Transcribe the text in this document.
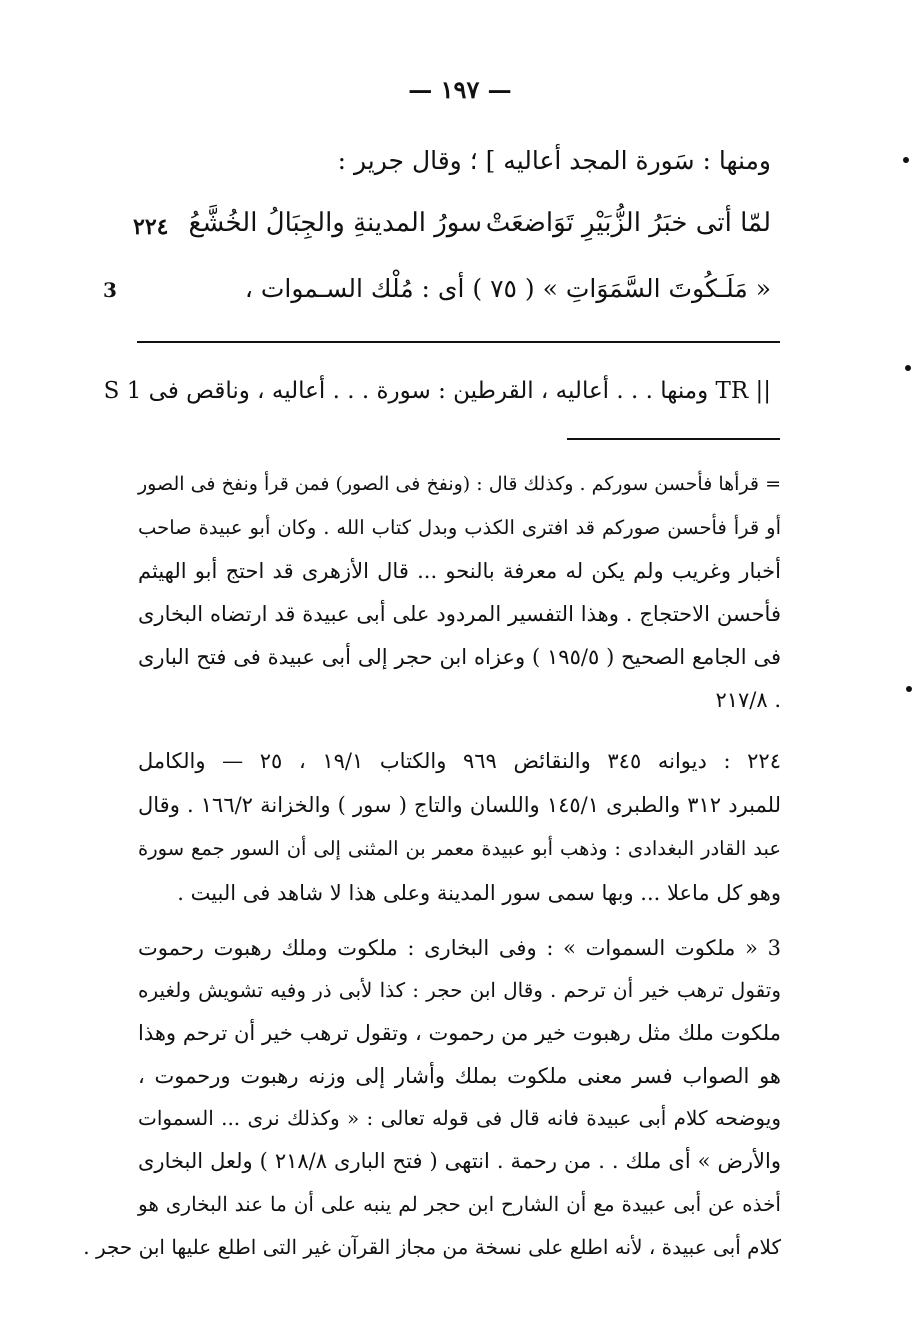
— ١٩٧ —
ومنها : سَورة المجد أعاليه ] ؛ وقال جرير :
لمّا أتى خبَرُ الزُّبَيْرِ تَوَاضعَتْ
سورُ المدينةِ والجِبَالُ الخُشَّعُ
٢٢٤
« مَلَـكُوتَ السَّمَوَاتِ » ( ٧٥ ) أى : مُلْك السـموات ،
3
S 1 ومنها . . . أعاليه ، القرطين : سورة . . . أعاليه ، وناقص فى TR ||
= قرأها فأحسن سوركم . وكذلك قال : (ونفخ فى الصور) فمن قرأ ونفخ فى الصور
أو قرأ فأحسن صوركم قد افترى الكذب وبدل كتاب الله . وكان أبو عبيدة صاحب
أخبار وغريب ولم يكن له معرفة بالنحو ... قال الأزهرى قد احتج أبو الهيثم
فأحسن الاحتجاج . وهذا التفسير المردود على أبى عبيدة قد ارتضاه البخارى
فى الجامع الصحيح ( ١٩٥/٥ ) وعزاه ابن حجر إلى أبى عبيدة فى فتح البارى
٢١٧/٨ .
٢٢٤ : ديوانه ٣٤٥ والنقائض ٩٦٩ والكتاب ١٩/١ ، ٢٥ — والكامل
للمبرد ٣١٢ والطبرى ١٤٥/١ واللسان والتاج ( سور ) والخزانة ١٦٦/٢ . وقال
عبد القادر البغدادى : وذهب أبو عبيدة معمر بن المثنى إلى أن السور جمع سورة
وهو كل ماعلا ... وبها سمى سور المدينة وعلى هذا لا شاهد فى البيت .
3 « ملكوت السموات » : وفى البخارى : ملكوت وملك رهبوت رحموت
وتقول ترهب خير أن ترحم . وقال ابن حجر : كذا لأبى ذر وفيه تشويش ولغيره
ملكوت ملك مثل رهبوت خير من رحموت ، وتقول ترهب خير أن ترحم وهذا
هو الصواب فسر معنى ملكوت بملك وأشار إلى وزنه رهبوت ورحموت ،
ويوضحه كلام أبى عبيدة فانه قال فى قوله تعالى : « وكذلك نرى ... السموات
والأرض » أى ملك . . من رحمة . انتهى ( فتح البارى ٢١٨/٨ ) ولعل البخارى
أخذه عن أبى عبيدة مع أن الشارح ابن حجر لم ينبه على أن ما عند البخارى هو
كلام أبى عبيدة ، لأنه اطلع على نسخة من مجاز القرآن غير التى اطلع عليها ابن حجر .
